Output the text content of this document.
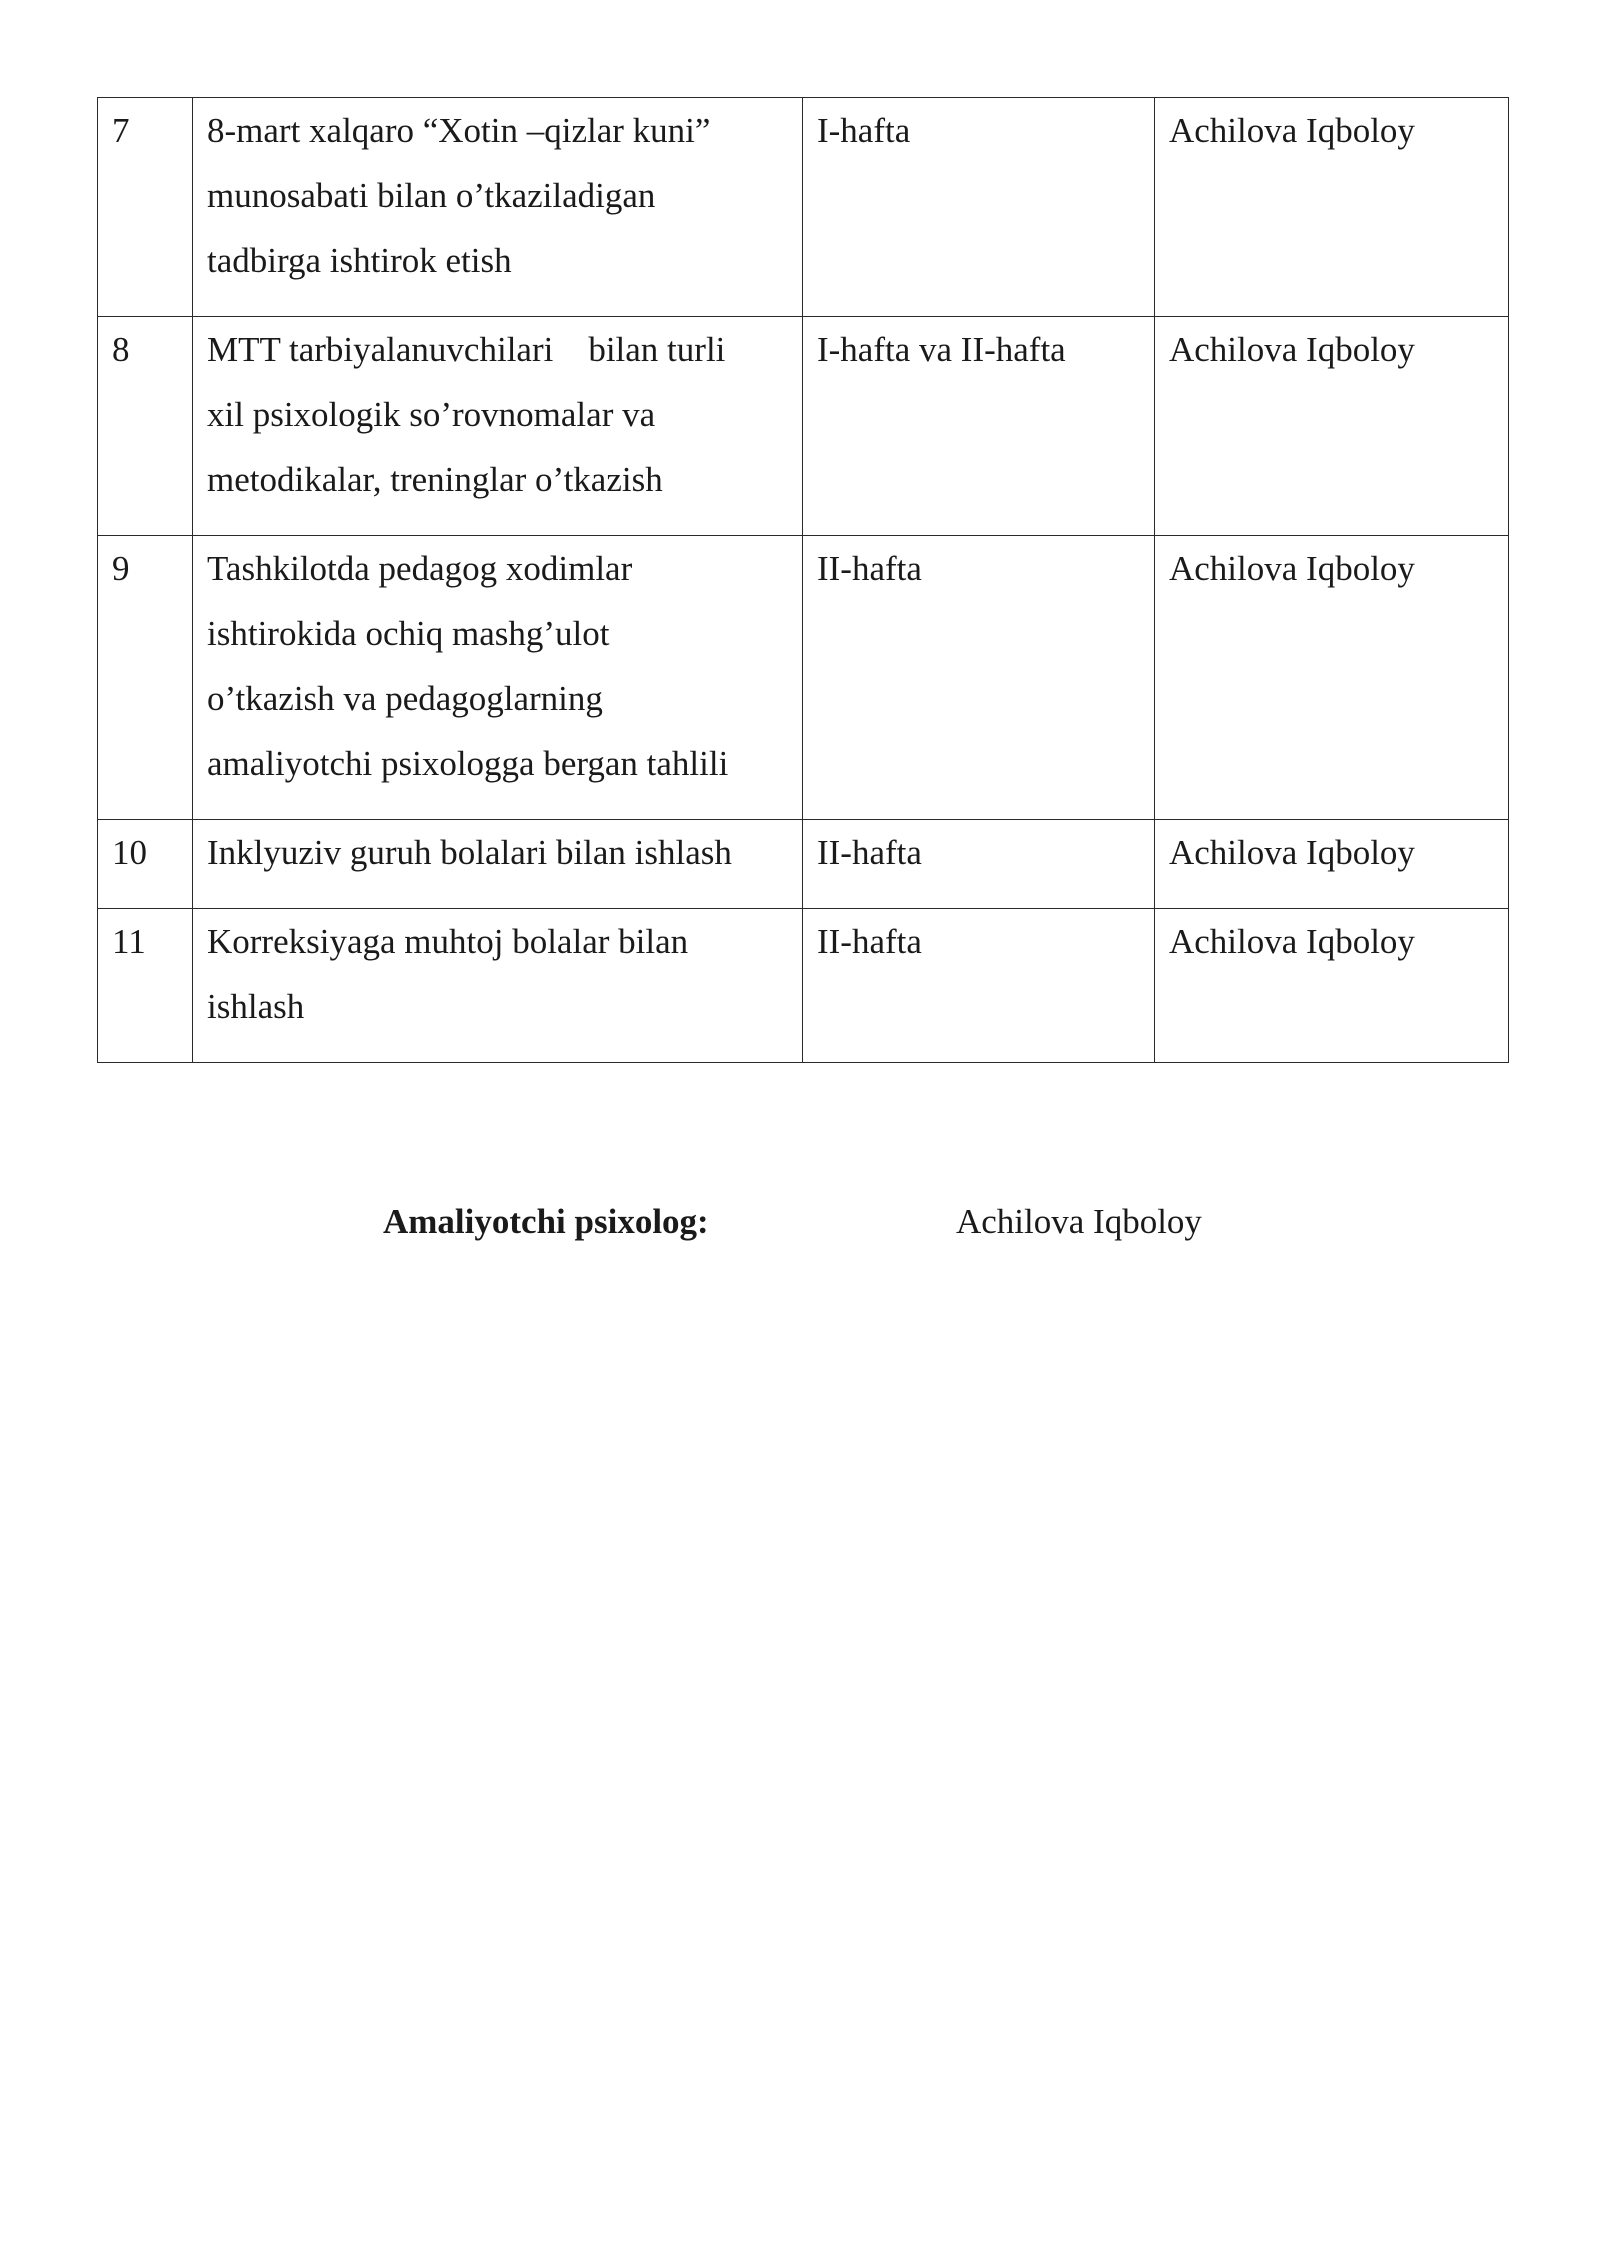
7	8-mart xalqaro “Xotin –qizlar kuni”
munosabati bilan o’tkaziladigan
tadbirga ishtirok etish	I-hafta	Achilova Iqboloy
8	MTT tarbiyalanuvchilari    bilan turli
xil psixologik so’rovnomalar va
metodikalar, treninglar o’tkazish	I-hafta va II-hafta	Achilova Iqboloy
9	Tashkilotda pedagog xodimlar
ishtirokida ochiq mashg’ulot
o’tkazish va pedagoglarning
amaliyotchi psixologga bergan tahlili	II-hafta	Achilova Iqboloy
10	Inklyuziv guruh bolalari bilan ishlash	II-hafta	Achilova Iqboloy
11	Korreksiyaga muhtoj bolalar bilan
ishlash	II-hafta	Achilova Iqboloy
Amaliyotchi psixolog:	Achilova Iqboloy
